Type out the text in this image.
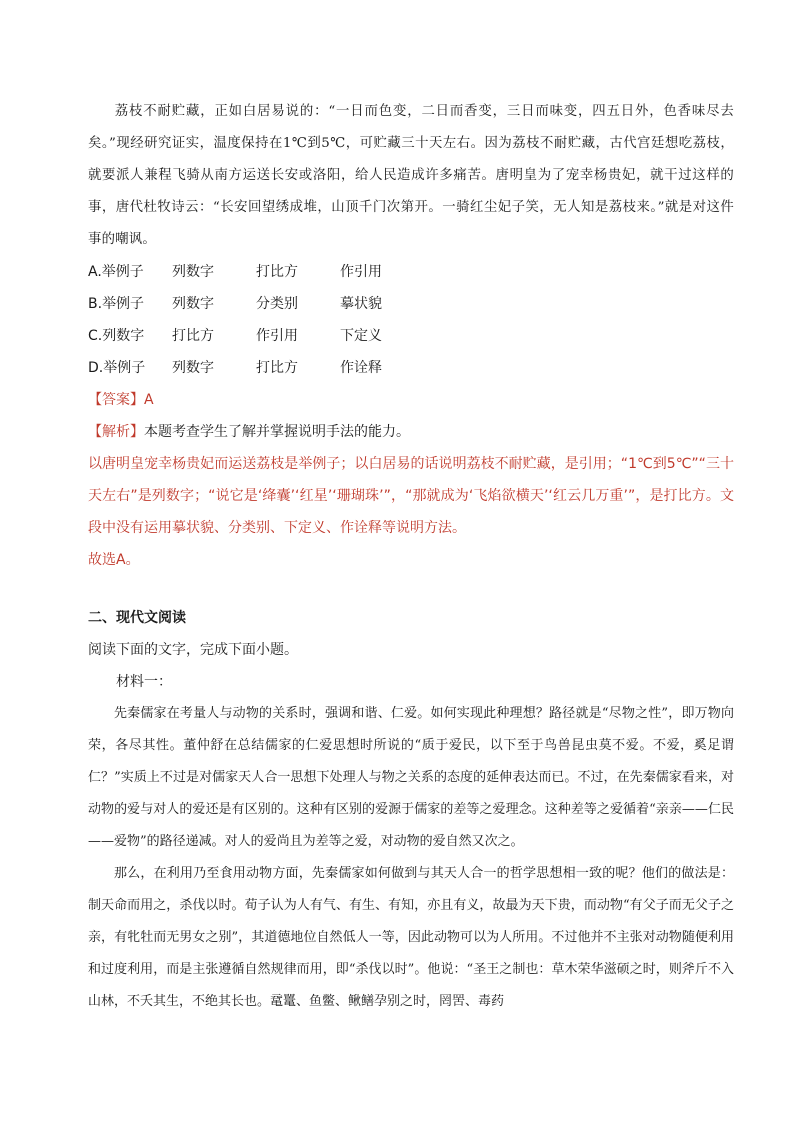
荔枝不耐贮藏，正如白居易说的：“一日而色变，二日而香变，三日而味变，四五日外，色香味尽去矣。”现经研究证实，温度保持在1℃到5℃，可贮藏三十天左右。因为荔枝不耐贮藏，古代宫廷想吃荔枝，就要派人兼程飞骑从南方运送长安或洛阳，给人民造成许多痛苦。唐明皇为了宠幸杨贵妃，就干过这样的事，唐代杜牧诗云：“长安回望绣成堆，山顶千门次第开。一骑红尘妃子笑，无人知是荔枝来。”就是对这件事的嘲讽。

A.举例子	列数字	打比方	作引用

B.举例子	列数字	分类别	摹状貌

C.列数字	打比方	作引用	下定义

D.举例子	列数字	打比方	作诠释

【答案】A

【解析】本题考查学生了解并掌握说明手法的能力。

以唐明皇宠幸杨贵妃而运送荔枝是举例子；以白居易的话说明荔枝不耐贮藏，是引用；“1℃到5℃”“三十天左右”是列数字；“说它是‘绛囊’‘红星’‘珊瑚珠’”，“那就成为‘飞焰欲横天’‘红云几万重’”，是打比方。文段中没有运用摹状貌、分类别、下定义、作诠释等说明方法。

故选A。

二、现代文阅读

阅读下面的文字，完成下面小题。

材料一：

先秦儒家在考量人与动物的关系时，强调和谐、仁爱。如何实现此种理想？路径就是“尽物之性”，即万物向荣，各尽其性。董仲舒在总结儒家的仁爱思想时所说的“质于爱民，以下至于鸟兽昆虫莫不爱。不爱，奚足谓仁？”实质上不过是对儒家天人合一思想下处理人与物之关系的态度的延伸表达而已。不过，在先秦儒家看来，对动物的爱与对人的爱还是有区别的。这种有区别的爱源于儒家的差等之爱理念。这种差等之爱循着“亲亲——仁民——爱物”的路径递减。对人的爱尚且为差等之爱，对动物的爱自然又次之。

那么，在利用乃至食用动物方面，先秦儒家如何做到与其天人合一的哲学思想相一致的呢？他们的做法是：制天命而用之，杀伐以时。荀子认为人有气、有生、有知，亦且有义，故最为天下贵，而动物“有父子而无父子之亲，有牝牡而无男女之别”，其道德地位自然低人一等，因此动物可以为人所用。不过他并不主张对动物随便利用和过度利用，而是主张遵循自然规律而用，即“杀伐以时”。他说：“圣王之制也：草木荣华滋硕之时，则斧斤不入山林，不夭其生，不绝其长也。鼋鼍、鱼鳖、鳅鳝孕别之时，罔罟、毒药
